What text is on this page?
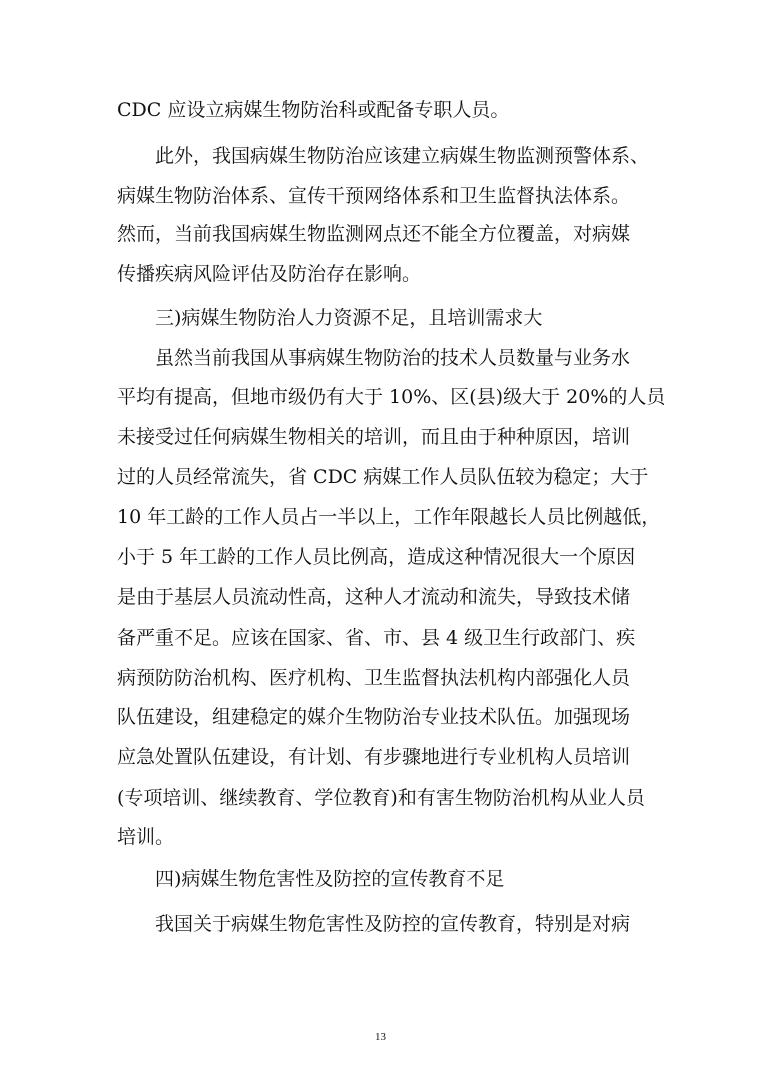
CDC 应设立病媒生物防治科或配备专职人员。
此外，我国病媒生物防治应该建立病媒生物监测预警体系、
病媒生物防治体系、宣传干预网络体系和卫生监督执法体系。
然而，当前我国病媒生物监测网点还不能全方位覆盖，对病媒
传播疾病风险评估及防治存在影响。
三)病媒生物防治人力资源不足，且培训需求大
虽然当前我国从事病媒生物防治的技术人员数量与业务水
平均有提高，但地市级仍有大于 10%、区(县)级大于 20%的人员
未接受过任何病媒生物相关的培训，而且由于种种原因，培训
过的人员经常流失，省 CDC 病媒工作人员队伍较为稳定；大于
10 年工龄的工作人员占一半以上，工作年限越长人员比例越低，
小于 5 年工龄的工作人员比例高，造成这种情况很大一个原因
是由于基层人员流动性高，这种人才流动和流失，导致技术储
备严重不足。应该在国家、省、市、县 4 级卫生行政部门、疾
病预防防治机构、医疗机构、卫生监督执法机构内部强化人员
队伍建设，组建稳定的媒介生物防治专业技术队伍。加强现场
应急处置队伍建设，有计划、有步骤地进行专业机构人员培训
(专项培训、继续教育、学位教育)和有害生物防治机构从业人员
培训。
四)病媒生物危害性及防控的宣传教育不足
我国关于病媒生物危害性及防控的宣传教育，特别是对病
13
